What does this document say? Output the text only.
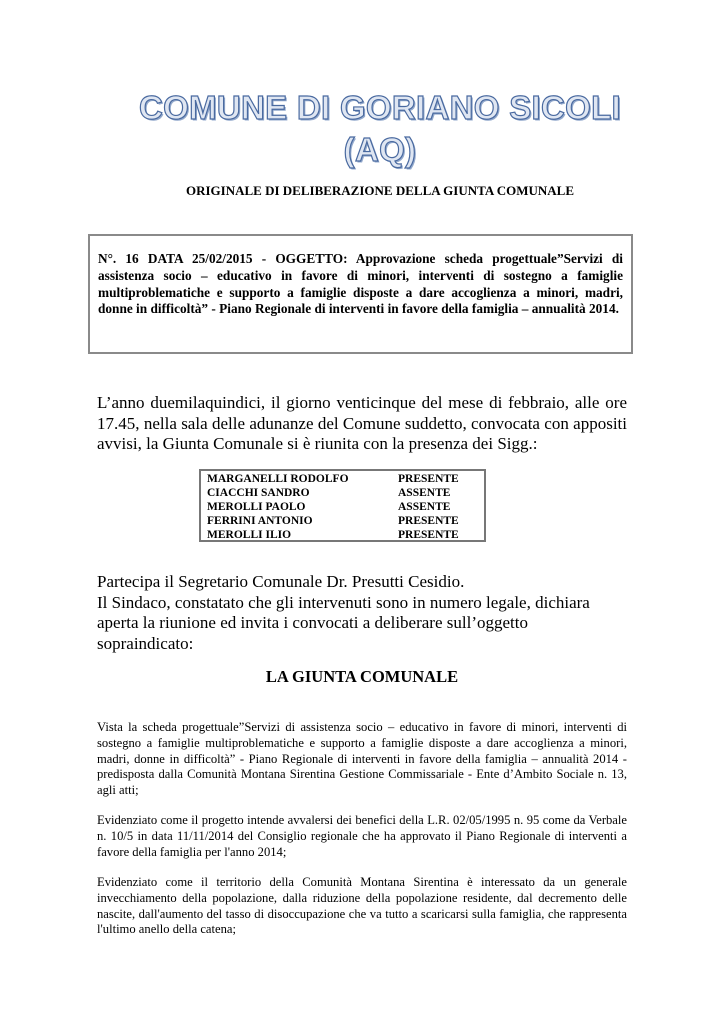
COMUNE DI GORIANO SICOLI
(AQ)
ORIGINALE DI DELIBERAZIONE DELLA GIUNTA COMUNALE
N°. 16 DATA 25/02/2015 - OGGETTO: Approvazione scheda progettuale”Servizi di assistenza socio – educativo in favore di minori, interventi di sostegno a famiglie multiproblematiche e supporto a famiglie disposte a dare accoglienza a minori, madri, donne in difficoltà” - Piano Regionale di interventi in favore della famiglia – annualità 2014.
L’anno duemilaquindici, il giorno venticinque del mese di febbraio, alle ore 17.45, nella sala delle adunanze del Comune suddetto, convocata con appositi avvisi, la Giunta Comunale si è riunita con la presenza dei Sigg.:
MARGANELLI RODOLFO	PRESENTE
CIACCHI SANDRO	ASSENTE
MEROLLI PAOLO	ASSENTE
FERRINI ANTONIO	PRESENTE
MEROLLI ILIO	PRESENTE
Partecipa il Segretario Comunale Dr. Presutti Cesidio.
Il Sindaco, constatato che gli intervenuti sono in numero legale, dichiara aperta la riunione ed invita i convocati a deliberare sull’oggetto sopraindicato:
LA GIUNTA COMUNALE
Vista la scheda progettuale”Servizi di assistenza socio – educativo in favore di minori, interventi di sostegno a famiglie multiproblematiche e supporto a famiglie disposte a dare accoglienza a minori, madri, donne in difficoltà” - Piano Regionale di interventi in favore della famiglia – annualità 2014 - predisposta dalla Comunità Montana Sirentina Gestione Commissariale - Ente d’Ambito Sociale n. 13, agli atti;
Evidenziato come il progetto intende avvalersi dei benefici della L.R. 02/05/1995 n. 95 come da Verbale n. 10/5 in data 11/11/2014 del Consiglio regionale che ha approvato il Piano Regionale di interventi a favore della famiglia per l'anno 2014;
Evidenziato come il territorio della Comunità Montana Sirentina è interessato da un generale invecchiamento della popolazione, dalla riduzione della popolazione residente, dal decremento delle nascite, dall'aumento del tasso di disoccupazione che va tutto a scaricarsi sulla famiglia, che rappresenta l'ultimo anello della catena;
